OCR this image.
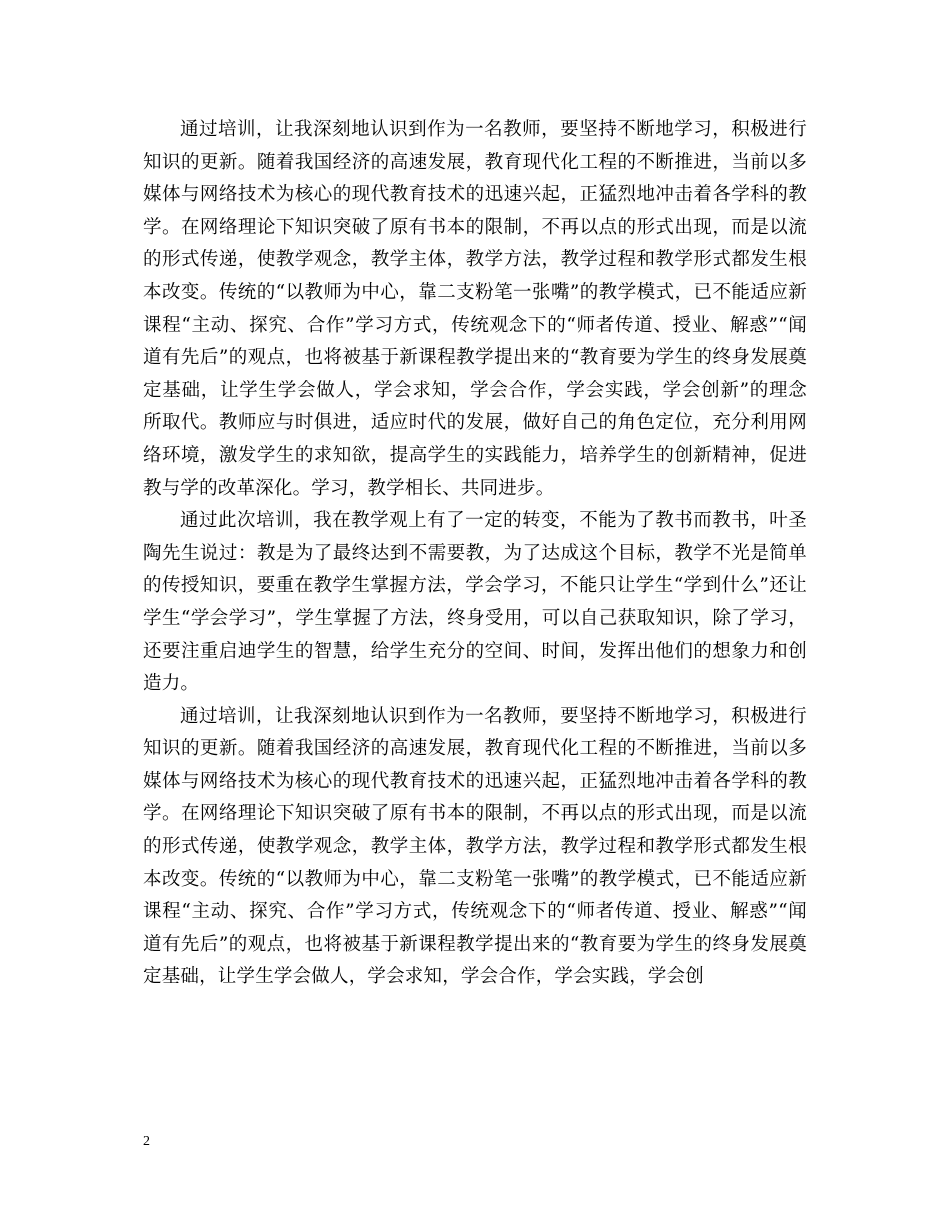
通过培训，让我深刻地认识到作为一名教师，要坚持不断地学习，积极进行知识的更新。随着我国经济的高速发展，教育现代化工程的不断推进，当前以多媒体与网络技术为核心的现代教育技术的迅速兴起，正猛烈地冲击着各学科的教学。在网络理论下知识突破了原有书本的限制，不再以点的形式出现，而是以流的形式传递，使教学观念，教学主体，教学方法，教学过程和教学形式都发生根本改变。传统的“以教师为中心，靠二支粉笔一张嘴”的教学模式，已不能适应新课程“主动、探究、合作”学习方式，传统观念下的“师者传道、授业、解惑”“闻道有先后”的观点，也将被基于新课程教学提出来的“教育要为学生的终身发展奠定基础，让学生学会做人，学会求知，学会合作，学会实践，学会创新”的理念所取代。教师应与时俱进，适应时代的发展，做好自己的角色定位，充分利用网络环境，激发学生的求知欲，提高学生的实践能力，培养学生的创新精神，促进教与学的改革深化。学习，教学相长、共同进步。

通过此次培训，我在教学观上有了一定的转变，不能为了教书而教书，叶圣陶先生说过：教是为了最终达到不需要教，为了达成这个目标，教学不光是简单的传授知识，要重在教学生掌握方法，学会学习，不能只让学生“学到什么”还让学生“学会学习”，学生掌握了方法，终身受用，可以自己获取知识，除了学习，还要注重启迪学生的智慧，给学生充分的空间、时间，发挥出他们的想象力和创造力。

通过培训，让我深刻地认识到作为一名教师，要坚持不断地学习，积极进行知识的更新。随着我国经济的高速发展，教育现代化工程的不断推进，当前以多媒体与网络技术为核心的现代教育技术的迅速兴起，正猛烈地冲击着各学科的教学。在网络理论下知识突破了原有书本的限制，不再以点的形式出现，而是以流的形式传递，使教学观念，教学主体，教学方法，教学过程和教学形式都发生根本改变。传统的“以教师为中心，靠二支粉笔一张嘴”的教学模式，已不能适应新课程“主动、探究、合作”学习方式，传统观念下的“师者传道、授业、解惑”“闻道有先后”的观点，也将被基于新课程教学提出来的“教育要为学生的终身发展奠定基础，让学生学会做人，学会求知，学会合作，学会实践，学会创

2
